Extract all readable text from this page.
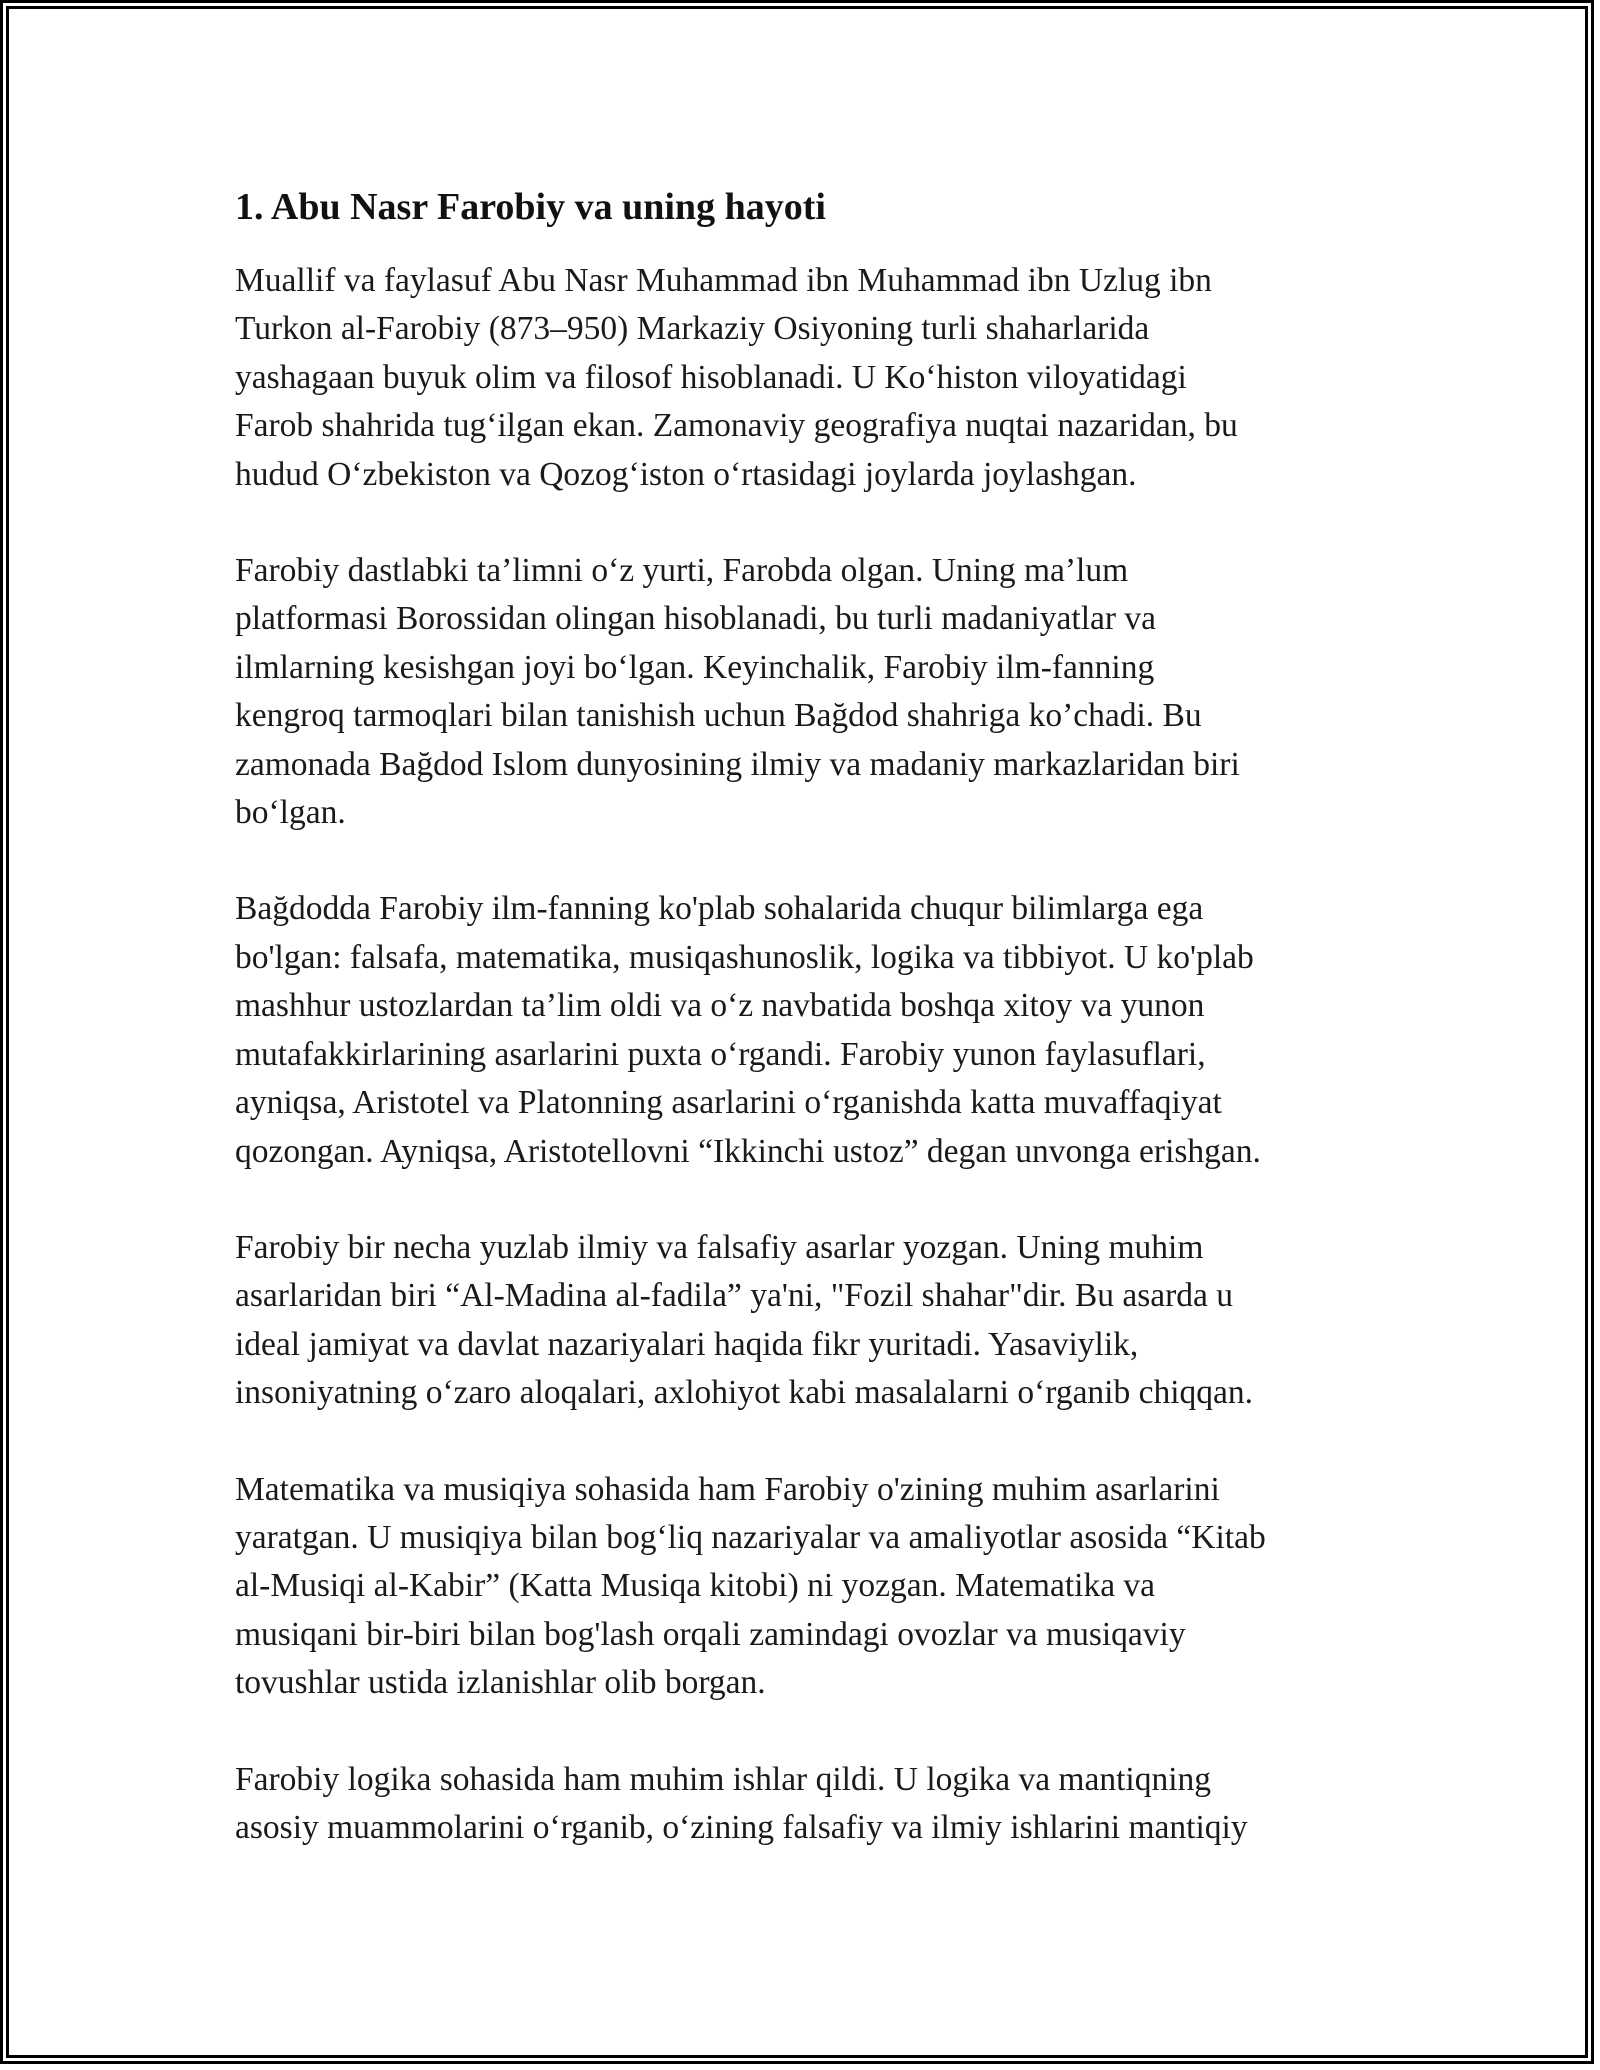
1. Abu Nasr Farobiy va uning hayoti

Muallif va faylasuf Abu Nasr Muhammad ibn Muhammad ibn Uzlug ibn
Turkon al-Farobiy (873–950) Markaziy Osiyoning turli shaharlarida
yashagaan buyuk olim va filosof hisoblanadi. U Ko‘histon viloyatidagi
Farob shahrida tug‘ilgan ekan. Zamonaviy geografiya nuqtai nazaridan, bu
hudud O‘zbekiston va Qozog‘iston o‘rtasidagi joylarda joylashgan.

Farobiy dastlabki ta’limni o‘z yurti, Farobda olgan. Uning ma’lum
platformasi Borossidan olingan hisoblanadi, bu turli madaniyatlar va
ilmlarning kesishgan joyi bo‘lgan. Keyinchalik, Farobiy ilm-fanning
kengroq tarmoqlari bilan tanishish uchun Bağdod shahriga ko’chadi. Bu
zamonada Bağdod Islom dunyosining ilmiy va madaniy markazlaridan biri
bo‘lgan.

Bağdodda Farobiy ilm-fanning ko'plab sohalarida chuqur bilimlarga ega
bo'lgan: falsafa, matematika, musiqashunoslik, logika va tibbiyot. U ko'plab
mashhur ustozlardan ta’lim oldi va o‘z navbatida boshqa xitoy va yunon
mutafakkirlarining asarlarini puxta o‘rgandi. Farobiy yunon faylasuflari,
ayniqsa, Aristotel va Platonning asarlarini o‘rganishda katta muvaffaqiyat
qozongan. Ayniqsa, Aristotellovni “Ikkinchi ustoz” degan unvonga erishgan.

Farobiy bir necha yuzlab ilmiy va falsafiy asarlar yozgan. Uning muhim
asarlaridan biri “Al-Madina al-fadila” ya'ni, "Fozil shahar"dir. Bu asarda u
ideal jamiyat va davlat nazariyalari haqida fikr yuritadi. Yasaviylik,
insoniyatning o‘zaro aloqalari, axlohiyot kabi masalalarni o‘rganib chiqqan.

Matematika va musiqiya sohasida ham Farobiy o'zining muhim asarlarini
yaratgan. U musiqiya bilan bog‘liq nazariyalar va amaliyotlar asosida “Kitab
al-Musiqi al-Kabir” (Katta Musiqa kitobi) ni yozgan. Matematika va
musiqani bir-biri bilan bog'lash orqali zamindagi ovozlar va musiqaviy
tovushlar ustida izlanishlar olib borgan.

Farobiy logika sohasida ham muhim ishlar qildi. U logika va mantiqning
asosiy muammolarini o‘rganib, o‘zining falsafiy va ilmiy ishlarini mantiqiy
